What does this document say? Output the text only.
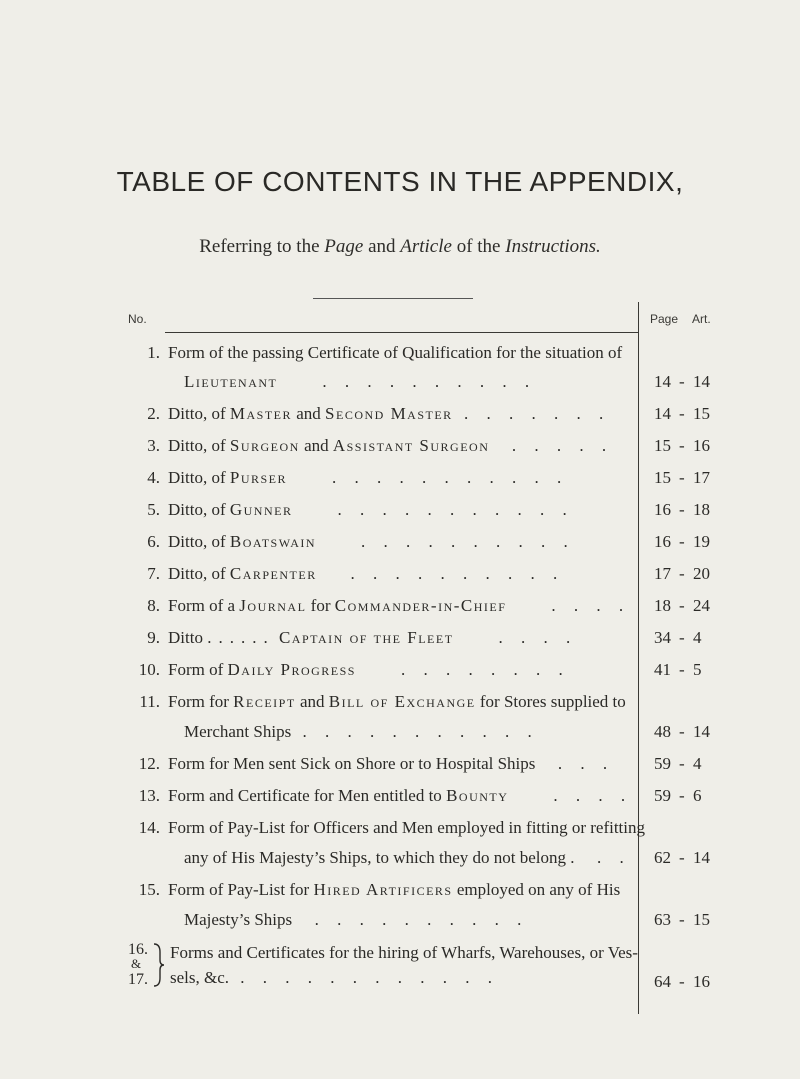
TABLE OF CONTENTS IN THE APPENDIX,
Referring to the Page and Article of the Instructions.
No.	Page Art.
1. Form of the passing Certificate of Qualification for the situation of
Lieutenant    . . . . . . . . . .	14 - 14
2. Ditto, of Master and Second Master . . . . . . .	14 - 15
3. Ditto, of Surgeon and Assistant Surgeon  . . . . .	15 - 16
4. Ditto, of Purser    . . . . . . . . . . .	15 - 17
5. Ditto, of Gunner    . . . . . . . . . . .	16 - 18
6. Ditto, of Boatswain    . . . . . . . . . .	16 - 19
7. Ditto, of Carpenter   . . . . . . . . . .	17 - 20
8. Form of a Journal for Commander-in-Chief    . . . .	18 - 24
9. Ditto ...... Captain of the Fleet    . . . .	34 - 4
10. Form of Daily Progress    . . . . . . . .	41 - 5
11. Form for Receipt and Bill of Exchange for Stores supplied to
Merchant Ships . . . . . . . . . . .	48 - 14
12. Form for Men sent Sick on Shore or to Hospital Ships  . . .	59 - 4
13. Form and Certificate for Men entitled to Bounty    . . . .	59 - 6
14. Form of Pay-List for Officers and Men employed in fitting or refitting
any of His Majesty’s Ships, to which they do not belong .  . .	62 - 14
15. Form of Pay-List for Hired Artificers employed on any of His
Majesty’s Ships  . . . . . . . . . .	63 - 15
16.
&
17.
Forms and Certificates for the hiring of Wharfs, Warehouses, or Ves-
sels, &c. . . . . . . . . . . . .	64 - 16
